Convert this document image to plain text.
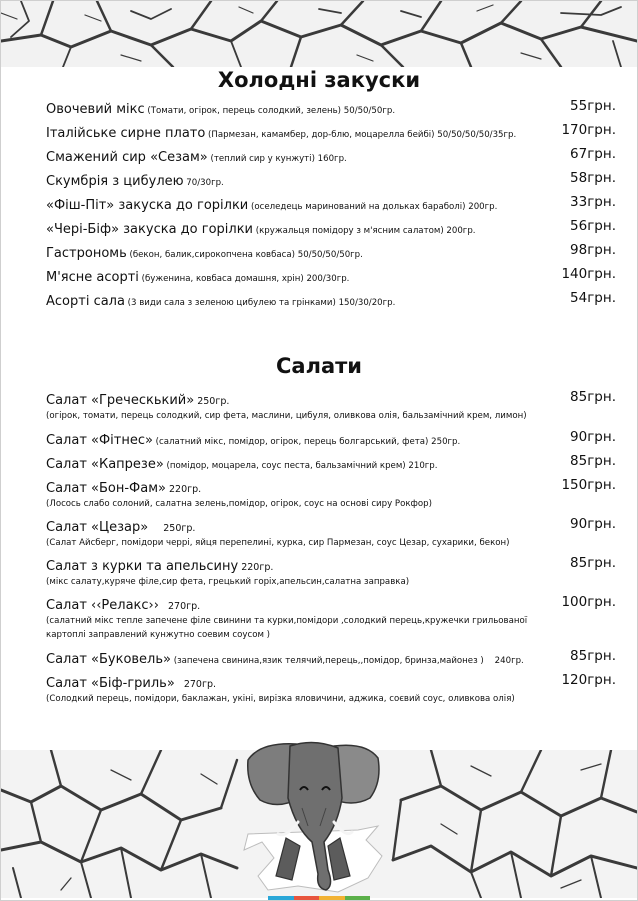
Холодні закуски
Овочевий мікс (Томати, огірок, перець солодкий, зелень) 50/50/50гр.	55грн.
Італійське сирне плато (Пармезан, камамбер, дор-блю, моцарелла бейбі) 50/50/50/50/35гр.	170грн.
Смажений сир «Сезам» (теплий сир у кунжуті) 160гр.	67грн.
Скумбрія з цибулею 70/30гр.	58грн.
«Фіш-Піт» закуска до горілки (оселедець маринований на дольках бараболі) 200гр.	33грн.
«Чері-Біф» закуска до горілки (кружальця помідору з м'ясним салатом) 200гр.	56грн.
Гастрономь (бекон, балик,сирокопчена ковбаса) 50/50/50/50гр.	98грн.
М'ясне асорті (буженина, ковбаса домашня, хрін) 200/30гр.	140грн.
Асорті сала (3 види сала з зеленою цибулею та грінками) 150/30/20гр.	54грн.
Салати
Салат «Греческький» 250гр.	85грн.
(огірок, томати, перець солодкий, сир фета, маслини, цибуля, оливкова олія, бальзамічний крем, лимон)
Салат «Фітнес» (салатний мікс, помідор, огірок, перець болгарський, фета) 250гр.	90грн.
Салат «Капрезе» (помідор, моцарела, соус песта, бальзамічний крем) 210гр.	85грн.
Салат «Бон-Фам» 220гр.	150грн.
(Лосось слабо солоний, салатна зелень,помідор, огірок, соус на основі сиру Рокфор)
Салат «Цезар»     250гр.	90грн.
(Салат Айсберг, помідори черрі, яйця перепелині, курка, сир Пармезан, соус Цезар, сухарики, бекон)
Салат з курки та апельсину 220гр.	85грн.
(мікс салату,куряче філе,сир фета, грецький горіх,апельсин,салатна заправка)
Салат ‹‹Релакс››   270гр.	100грн.
(салатний мікс тепле запечене філе свинини та курки,помідори ,солодкий перець,кружечки грильованої
картоплі заправлений кунжутно соевим соусом )
Салат «Буковель» (запечена свинина,язик телячий,перець,,помідор, бринза,майонез )    240гр.	85грн.
Салат «Біф-гриль»   270гр.	120грн.
(Солодкий перець, помідори, баклажан, укіні, вирізка яловичини, аджика, соєвий соус, оливкова олія)
